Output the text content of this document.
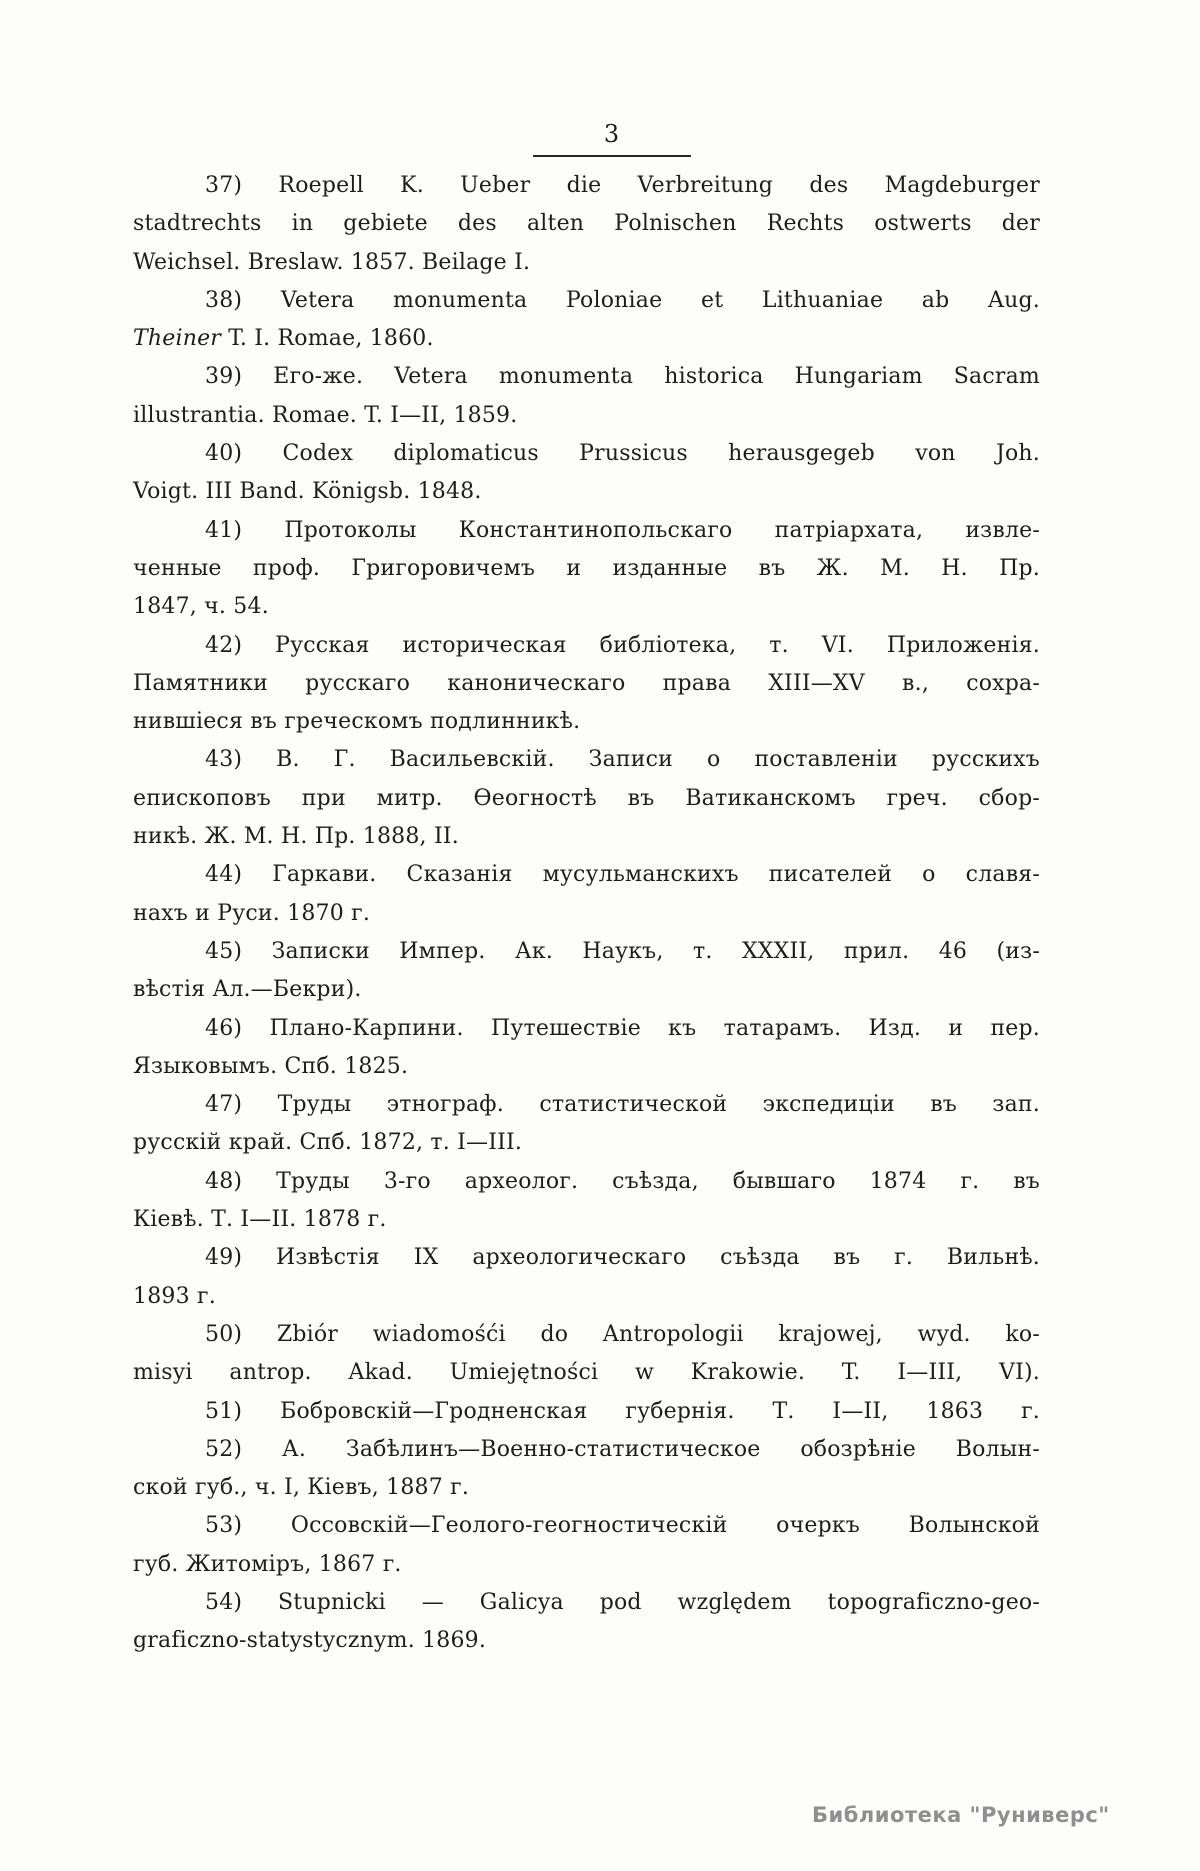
3
37) Roepell K. Ueber die Verbreitung des Magdeburger
stadtrechts in gebiete des alten Polnischen Rechts ostwerts der
Weichsel. Breslaw. 1857. Beilage I.
38) Vetera monumenta Poloniae et Lithuaniae ab Aug.
Theiner T. I. Romae, 1860.
39) Его-же. Vetera monumenta historica Hungariam Sacram
illustrantia. Romae. T. I—II, 1859.
40) Codex diplomaticus Prussicus herausgegeb von Joh.
Voigt. III Band. Königsb. 1848.
41) Протоколы Константинопольскаго патріархата, извле-
ченные проф. Григоровичемъ и изданные въ Ж. М. Н. Пр.
1847, ч. 54.
42) Русская историческая библіотека, т. VI. Приложенія.
Памятники русскаго каноническаго права XIII—XV в., сохра-
нившіеся въ греческомъ подлинникѣ.
43) В. Г. Васильевскій. Записи о поставленіи русскихъ
епископовъ при митр. Ѳеогностѣ въ Ватиканскомъ греч. сбор-
никѣ. Ж. М. Н. Пр. 1888, II.
44) Гаркави. Сказанія мусульманскихъ писателей о славя-
нахъ и Руси. 1870 г.
45) Записки Импер. Ак. Наукъ, т. XXXII, прил. 46 (из-
вѣстія Ал.—Бекри).
46) Плано-Карпини. Путешествіе къ татарамъ. Изд. и пер.
Языковымъ. Спб. 1825.
47) Труды этнограф. статистической экспедиціи въ зап.
русскій край. Спб. 1872, т. I—III.
48) Труды 3-го археолог. съѣзда, бывшаго 1874 г. въ
Кіевѣ. Т. I—II. 1878 г.
49) Извѣстія IX археологическаго съѣзда въ г. Вильнѣ.
1893 г.
50) Zbiór wiadomośći do Antropologii krajowej, wyd. ko-
misyi antrop. Akad. Umiejętności w Krakowie. T. I—III, VI).
51) Бобровскій—Гродненская губернія. Т. I—II, 1863 г.
52) А. Забѣлинъ—Военно-статистическое обозрѣніе Волын-
ской губ., ч. I, Кіевъ, 1887 г.
53) Оссовскій—Геолого-геогностическій очеркъ Волынской
губ. Житоміръ, 1867 г.
54) Stupnicki — Galicya pod względem topograficzno-geo-
graficzno-statystycznym. 1869.
Библиотека "Руниверс"
